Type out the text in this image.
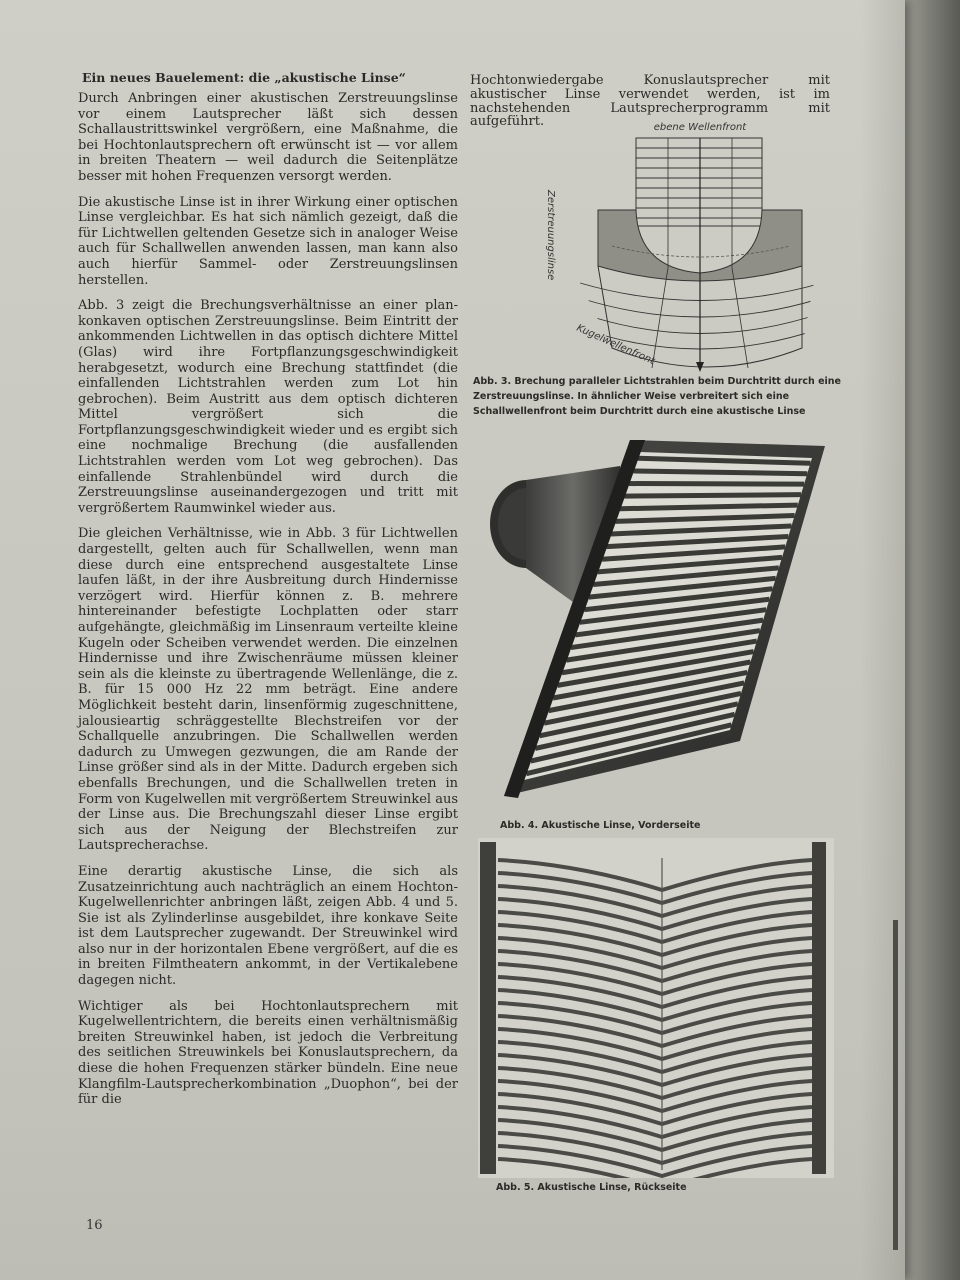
Ein neues Bauelement: die „akustische Linse“

Durch Anbringen einer akustischen Zerstreuungslinse vor einem Lautsprecher läßt sich dessen Schallaustrittswinkel vergrößern, eine Maßnahme, die bei Hochtonlautsprechern oft erwünscht ist — vor allem in breiten Theatern — weil dadurch die Seitenplätze besser mit hohen Frequenzen versorgt werden.

Die akustische Linse ist in ihrer Wirkung einer optischen Linse vergleichbar. Es hat sich nämlich gezeigt, daß die für Lichtwellen geltenden Gesetze sich in analoger Weise auch für Schallwellen anwenden lassen, man kann also auch hierfür Sammel- oder Zerstreuungslinsen herstellen.

Abb. 3 zeigt die Brechungsverhältnisse an einer plan-konkaven optischen Zerstreuungslinse. Beim Eintritt der ankommenden Lichtwellen in das optisch dichtere Mittel (Glas) wird ihre Fortpflanzungsgeschwindigkeit herabgesetzt, wodurch eine Brechung stattfindet (die einfallenden Lichtstrahlen werden zum Lot hin gebrochen). Beim Austritt aus dem optisch dichteren Mittel vergrößert sich die Fortpflanzungsgeschwindigkeit wieder und es ergibt sich eine nochmalige Brechung (die ausfallenden Lichtstrahlen werden vom Lot weg gebrochen). Das einfallende Strahlenbündel wird durch die Zerstreuungslinse auseinandergezogen und tritt mit vergrößertem Raumwinkel wieder aus.

Die gleichen Verhältnisse, wie in Abb. 3 für Lichtwellen dargestellt, gelten auch für Schallwellen, wenn man diese durch eine entsprechend ausgestaltete Linse laufen läßt, in der ihre Ausbreitung durch Hindernisse verzögert wird. Hierfür können z. B. mehrere hintereinander befestigte Lochplatten oder starr aufgehängte, gleichmäßig im Linsenraum verteilte kleine Kugeln oder Scheiben verwendet werden. Die einzelnen Hindernisse und ihre Zwischenräume müssen kleiner sein als die kleinste zu übertragende Wellenlänge, die z. B. für 15 000 Hz 22 mm beträgt. Eine andere Möglichkeit besteht darin, linsenförmig zugeschnittene, jalousieartig schräggestellte Blechstreifen vor der Schallquelle anzubringen. Die Schallwellen werden dadurch zu Umwegen gezwungen, die am Rande der Linse größer sind als in der Mitte. Dadurch ergeben sich ebenfalls Brechungen, und die Schallwellen treten in Form von Kugelwellen mit vergrößertem Streuwinkel aus der Linse aus. Die Brechungszahl dieser Linse ergibt sich aus der Neigung der Blechstreifen zur Lautsprecherachse.

Eine derartig akustische Linse, die sich als Zusatzeinrichtung auch nachträglich an einem Hochton-Kugelwellenrichter anbringen läßt, zeigen Abb. 4 und 5. Sie ist als Zylinderlinse ausgebildet, ihre konkave Seite ist dem Lautsprecher zugewandt. Der Streuwinkel wird also nur in der horizontalen Ebene vergrößert, auf die es in breiten Filmtheatern ankommt, in der Vertikalebene dagegen nicht.

Wichtiger als bei Hochtonlautsprechern mit Kugelwellentrichtern, die bereits einen verhältnismäßig breiten Streuwinkel haben, ist jedoch die Verbreitung des seitlichen Streuwinkels bei Konuslautsprechern, da diese die hohen Frequenzen stärker bündeln. Eine neue Klangfilm-Lautsprecherkombination „Duophon“, bei der für die

Hochtonwiedergabe Konuslautsprecher mit akustischer Linse verwendet werden, ist im nachstehenden Lautsprecherprogramm mit aufgeführt.	ebene Wellenfront
Zerstreuungslinse
Kugelwellenfront
Abb. 3. Brechung paralleler Lichtstrahlen beim Durchtritt durch eine Zerstreuungslinse. In ähnlicher Weise verbreitert sich eine Schallwellenfront beim Durchtritt durch eine akustische Linse
Abb. 4. Akustische Linse, Vorderseite
Abb. 5. Akustische Linse, Rückseite
16
